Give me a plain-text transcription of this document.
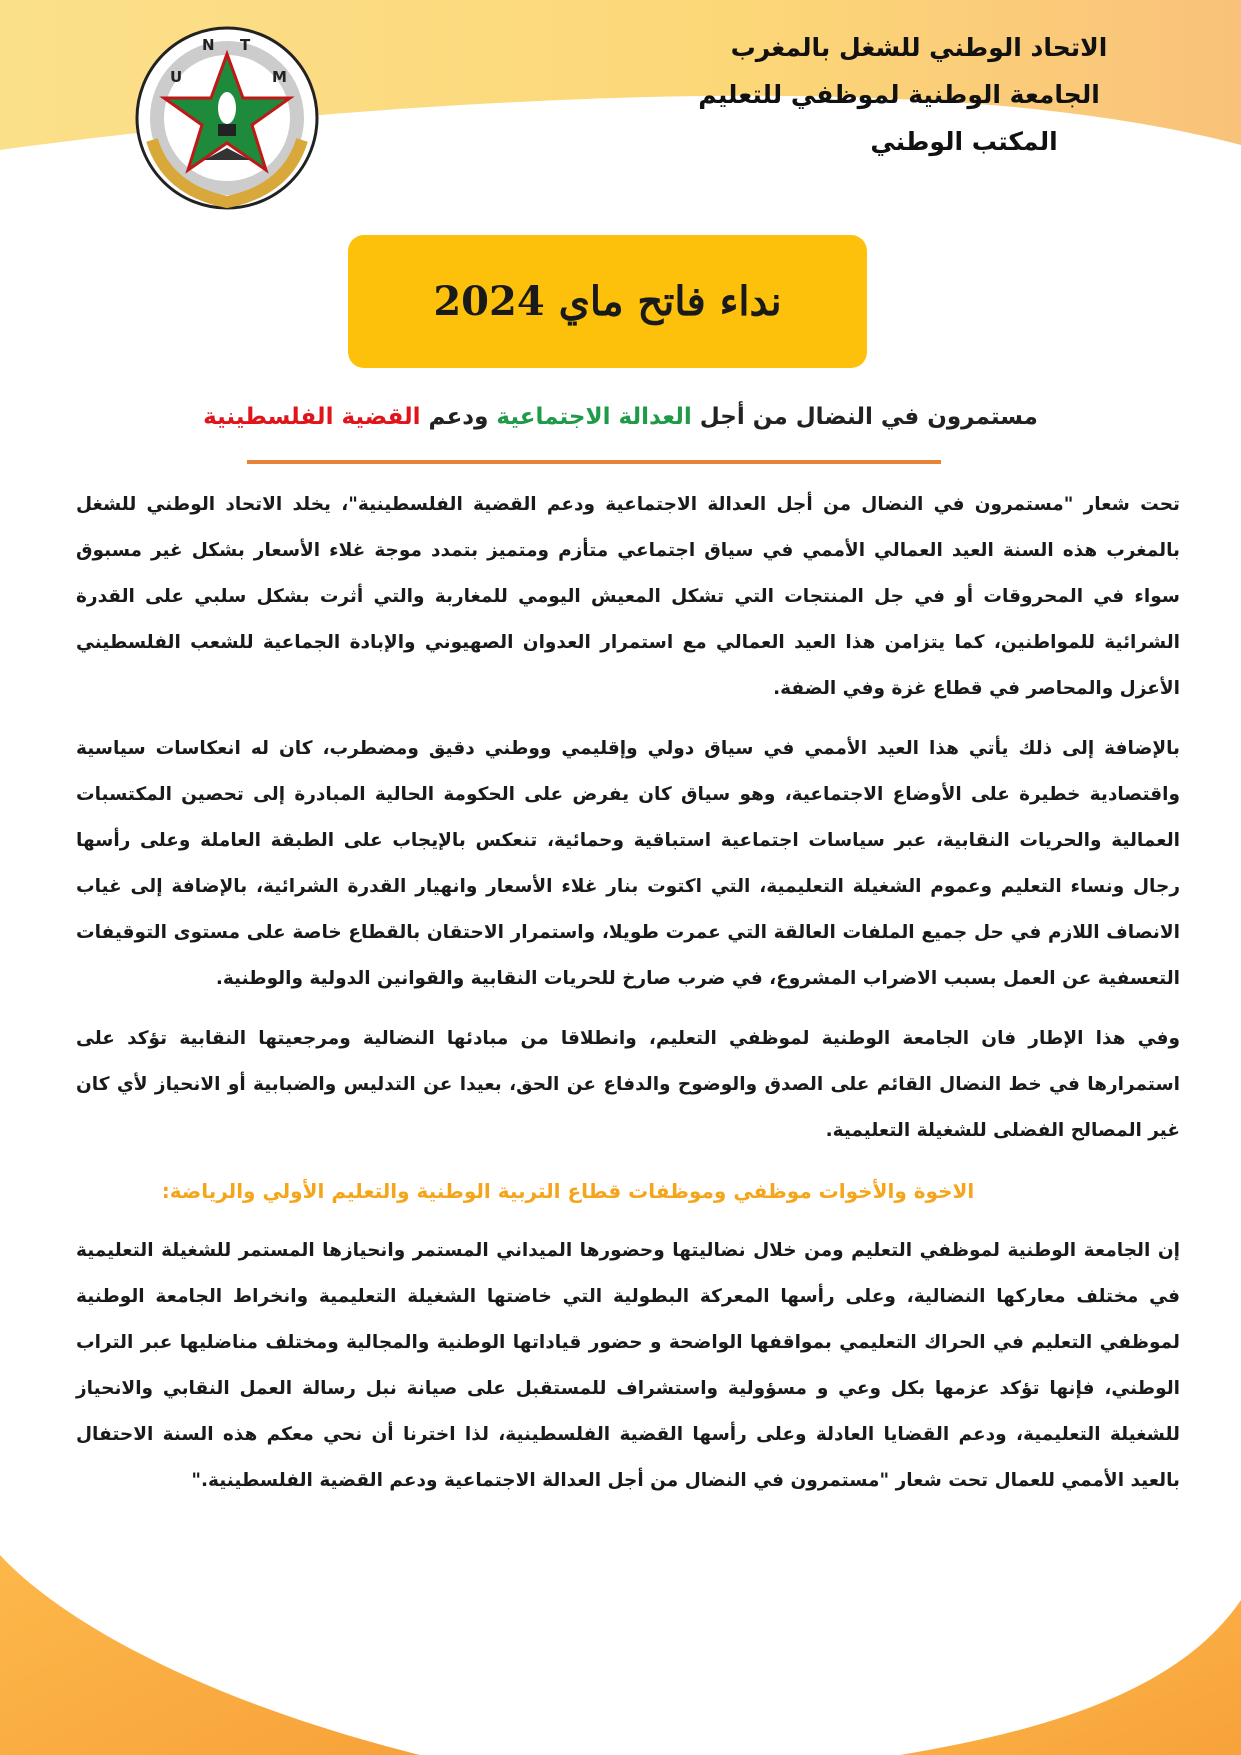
U
N T
M
الاتحاد الوطني للشغل بالمغرب
الجامعة الوطنية لموظفي للتعليم
المكتب الوطني
نداء فاتح ماي 2024
مستمرون في النضال من أجل العدالة الاجتماعية ودعم القضية الفلسطينية

تحت شعار "مستمرون في النضال من أجل العدالة الاجتماعية ودعم القضية الفلسطينية"، يخلد الاتحاد الوطني للشغل بالمغرب هذه السنة العيد العمالي الأممي في سياق اجتماعي متأزم ومتميز بتمدد موجة غلاء الأسعار بشكل غير مسبوق سواء في المحروقات أو في جل المنتجات التي تشكل المعيش اليومي للمغاربة والتي أثرت بشكل سلبي على القدرة الشرائية للمواطنين، كما يتزامن هذا العيد العمالي مع استمرار العدوان الصهيوني والإبادة الجماعية للشعب الفلسطيني الأعزل والمحاصر في قطاع غزة وفي الضفة.

بالإضافة إلى ذلك يأتي هذا العيد الأممي في سياق دولي وإقليمي ووطني دقيق ومضطرب، كان له انعكاسات سياسية واقتصادية خطيرة على الأوضاع الاجتماعية، وهو سياق كان يفرض على الحكومة الحالية المبادرة إلى تحصين المكتسبات العمالية والحريات النقابية، عبر سياسات اجتماعية استباقية وحمائية، تنعكس بالإيجاب على الطبقة العاملة وعلى رأسها رجال ونساء التعليم وعموم الشغيلة التعليمية، التي اكتوت بنار غلاء الأسعار وانهيار القدرة الشرائية، بالإضافة إلى غياب الانصاف اللازم في حل جميع الملفات العالقة التي عمرت طويلا، واستمرار الاحتقان بالقطاع خاصة على مستوى التوقيفات التعسفية عن العمل بسبب الاضراب المشروع، في ضرب صارخ للحريات النقابية والقوانين الدولية والوطنية.

وفي هذا الإطار فان الجامعة الوطنية لموظفي التعليم، وانطلاقا من مبادئها النضالية ومرجعيتها النقابية تؤكد على استمرارها في خط النضال القائم على الصدق والوضوح والدفاع عن الحق، بعيدا عن التدليس والضبابية أو الانحياز لأي كان غير المصالح الفضلى للشغيلة التعليمية.

الاخوة والأخوات موظفي وموظفات قطاع التربية الوطنية والتعليم الأولي والرياضة:

إن الجامعة الوطنية لموظفي التعليم ومن خلال نضاليتها وحضورها الميداني المستمر وانحيازها المستمر للشغيلة التعليمية في مختلف معاركها النضالية، وعلى رأسها المعركة البطولية التي خاضتها الشغيلة التعليمية وانخراط الجامعة الوطنية لموظفي التعليم في الحراك التعليمي بمواقفها الواضحة و حضور قياداتها الوطنية والمجالية ومختلف مناضليها عبر التراب الوطني، فإنها تؤكد عزمها بكل وعي و مسؤولية واستشراف للمستقبل على صيانة نبل رسالة العمل النقابي والانحياز للشغيلة التعليمية، ودعم القضايا العادلة وعلى رأسها القضية الفلسطينية، لذا اخترنا أن نحي معكم هذه السنة الاحتفال بالعيد الأممي للعمال تحت شعار "مستمرون في النضال من أجل العدالة الاجتماعية ودعم القضية الفلسطينية."
